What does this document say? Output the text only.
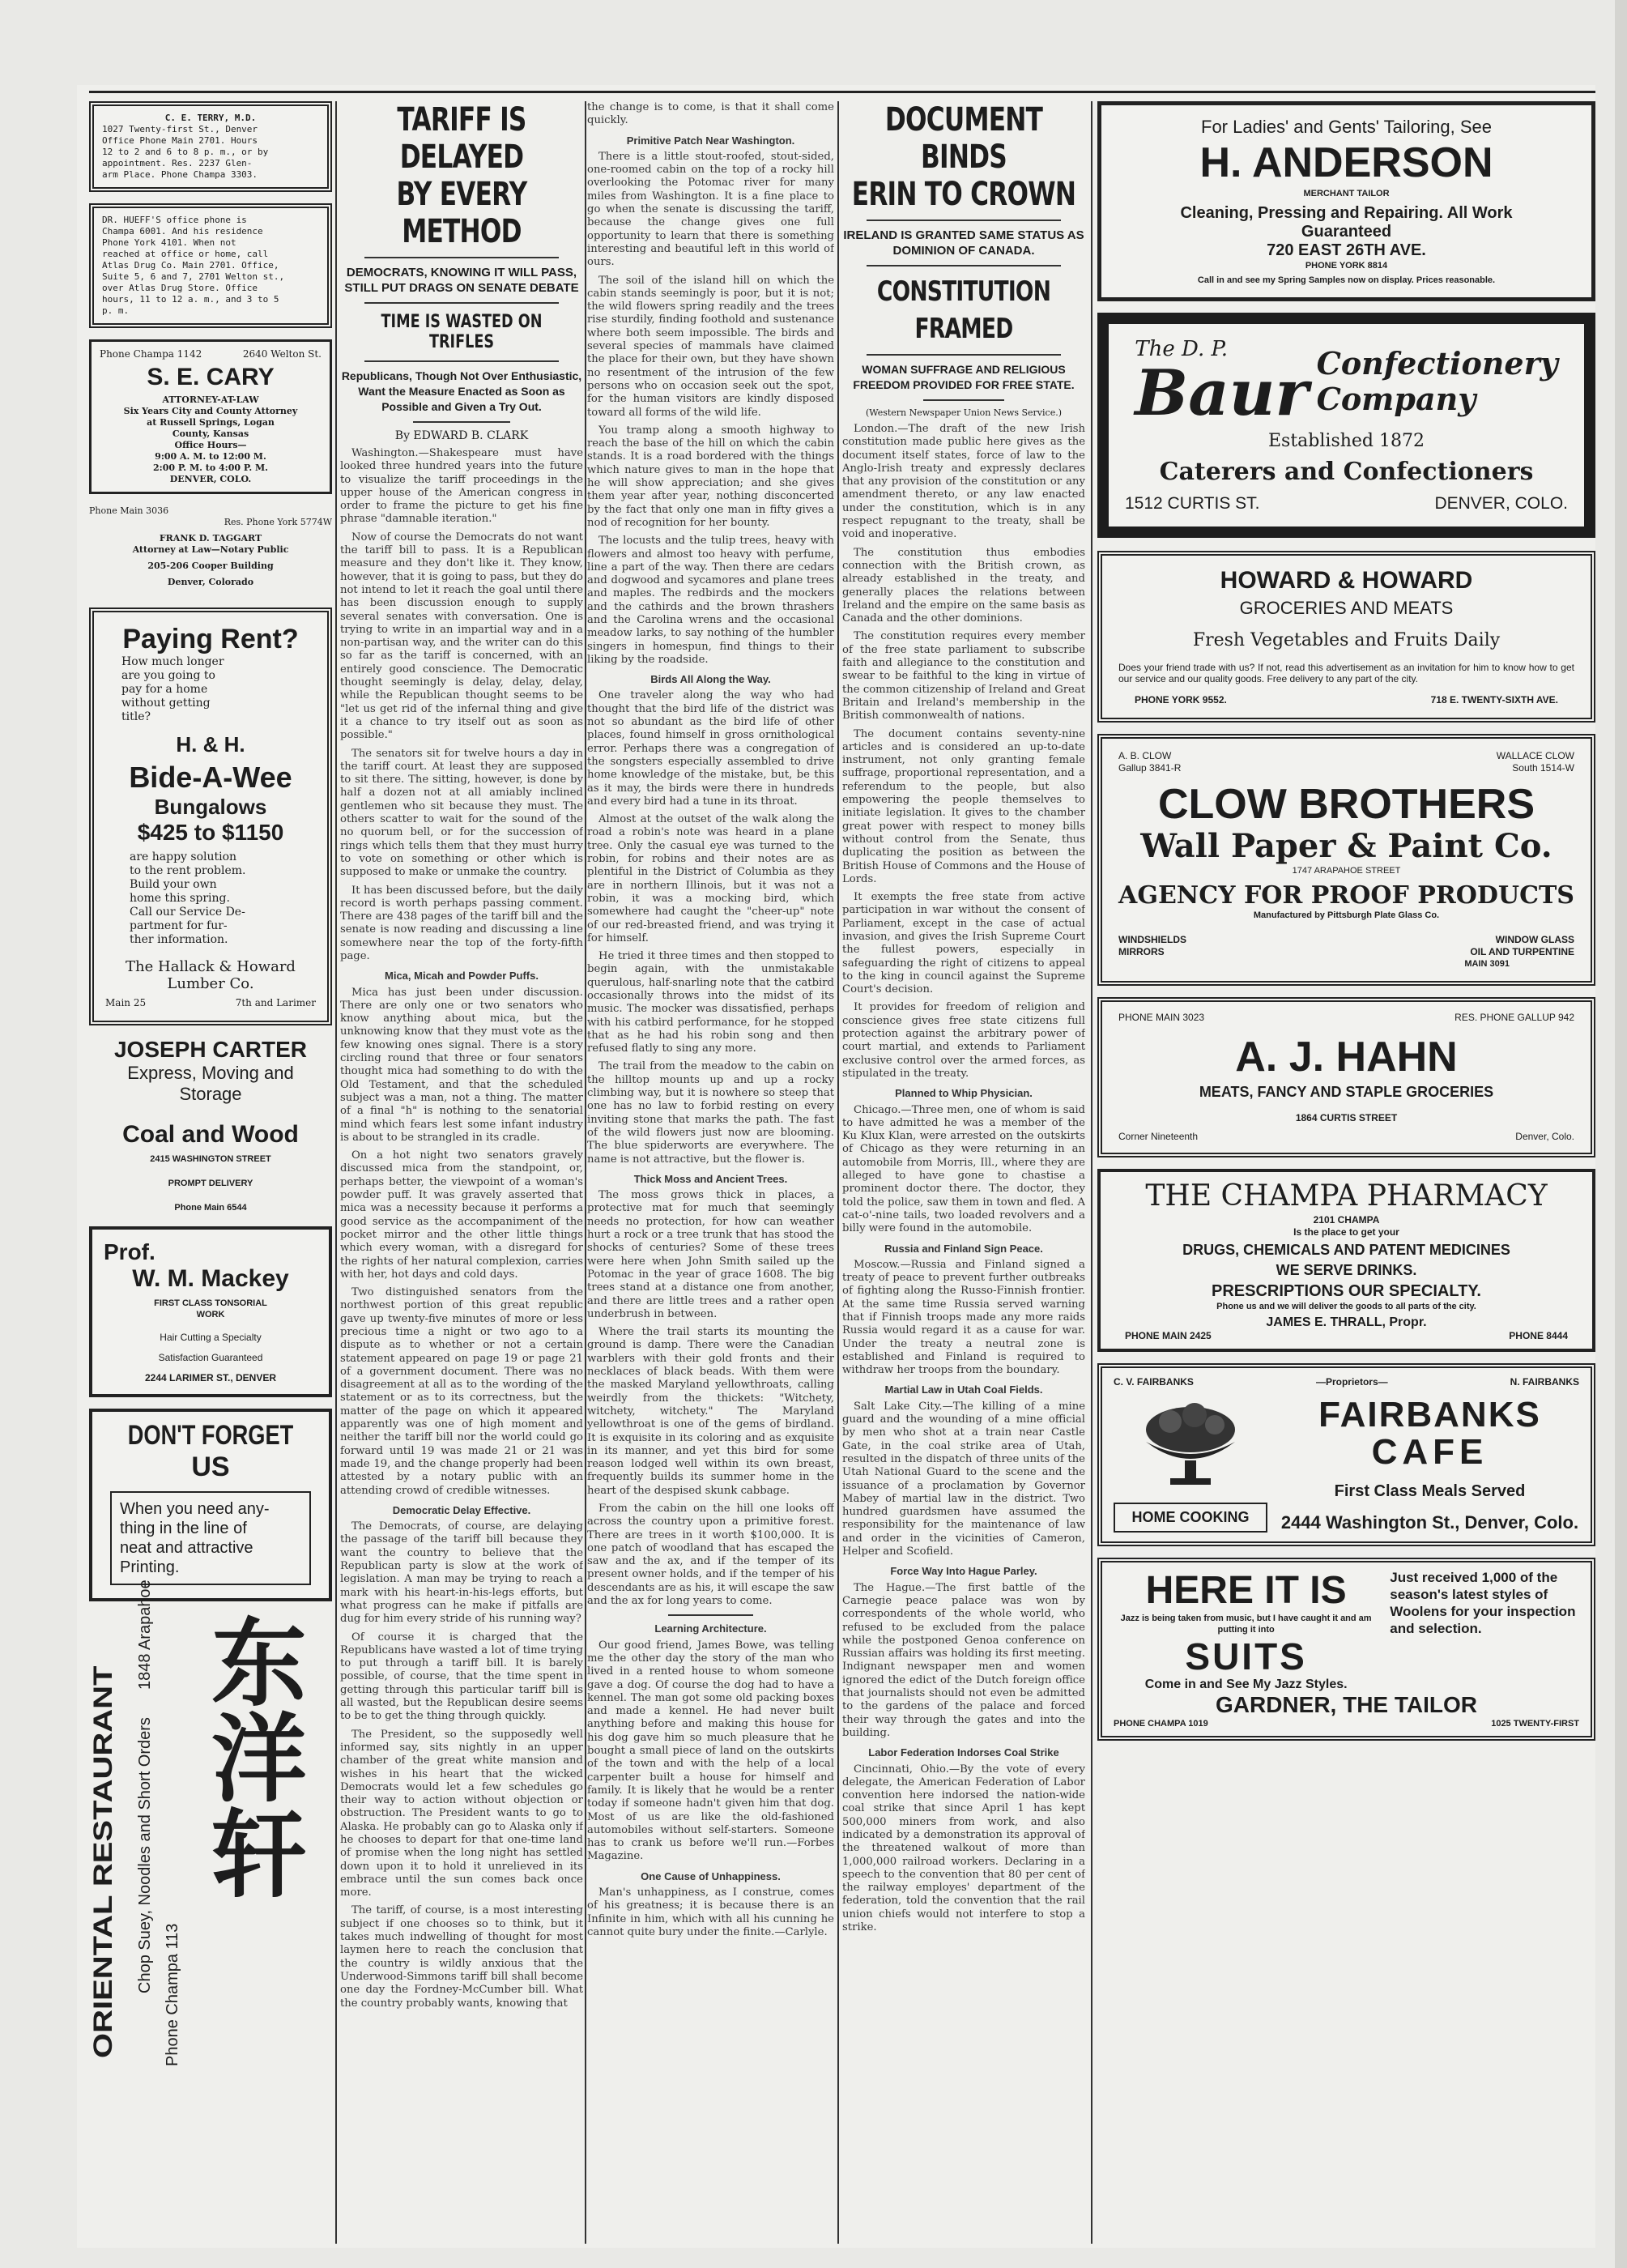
C. E. TERRY, M.D.
1027 Twenty-first St., Denver
Office Phone Main 2701. Hours
12 to 2 and 6 to 8 p. m., or by
appointment. Res. 2237 Glen-
arm Place. Phone Champa 3303.
DR. HUEFF'S office phone is
Champa 6001. And his residence
Phone York 4101. When not
reached at office or home, call
Atlas Drug Co. Main 2701. Office,
Suite 5, 6 and 7, 2701 Welton st.,
over Atlas Drug Store. Office
hours, 11 to 12 a. m., and 3 to 5
p. m.
Phone Champa 1142	2640 Welton St.
S. E. CARY
ATTORNEY-AT-LAW
Six Years City and County Attorney
at Russell Springs, Logan
County, Kansas
Office Hours—
9:00 A. M. to 12:00 M.
2:00 P. M. to 4:00 P. M.
DENVER, COLO.
Phone Main 3036
Res. Phone York 5774W
FRANK D. TAGGART
Attorney at Law—Notary Public
205-206 Cooper Building
Denver, Colorado
Paying Rent?
How much longer
are you going to
pay for a home
without getting
title?
H. & H.
Bide-A-Wee
Bungalows
$425 to $1150
are happy solution
to the rent problem.
Build your own
home this spring.
Call our Service De-
partment for fur-
ther information.
The Hallack & Howard
Lumber Co.
Main 25	7th and Larimer
JOSEPH CARTER
Express, Moving and
Storage
Coal and Wood
2415 WASHINGTON STREET
PROMPT DELIVERY
Phone Main 6544
Prof.
W. M. Mackey
FIRST CLASS TONSORIAL
WORK
Hair Cutting a Specialty
Satisfaction Guaranteed
2244 LARIMER ST., DENVER
DON'T FORGET
US
When you need any-
thing in the line of
neat and attractive
Printing.
ORIENTAL RESTAURANT Chop Suey, Noodles and Short Orders
1848 Arapahoe
Phone Champa 113
东洋轩
TARIFF IS DELAYED
BY EVERY METHOD
DEMOCRATS, KNOWING IT WILL PASS, STILL PUT DRAGS ON SENATE DEBATE
TIME IS WASTED ON TRIFLES
Republicans, Though Not Over Enthusiastic, Want the Measure Enacted as Soon as Possible and Given a Try Out.
By EDWARD B. CLARK

Washington.—Shakespeare must have looked three hundred years into the future to visualize the tariff proceedings in the upper house of the American congress in order to frame the picture to get his fine phrase "damnable iteration."

Now of course the Democrats do not want the tariff bill to pass. It is a Republican measure and they don't like it. They know, however, that it is going to pass, but they do not intend to let it reach the goal until there has been discussion enough to supply several senates with conversation. One is trying to write in an impartial way and in a non-partisan way, and the writer can do this so far as the tariff is concerned, with an entirely good conscience. The Democratic thought seemingly is delay, delay, delay, while the Republican thought seems to be "let us get rid of the infernal thing and give it a chance to try itself out as soon as possible."

The senators sit for twelve hours a day in the tariff court. At least they are supposed to sit there. The sitting, however, is done by half a dozen not at all amiably inclined gentlemen who sit because they must. The others scatter to wait for the sound of the no quorum bell, or for the succession of rings which tells them that they must hurry to vote on something or other which is supposed to make or unmake the country.

It has been discussed before, but the daily record is worth perhaps passing comment. There are 438 pages of the tariff bill and the senate is now reading and discussing a line somewhere near the top of the forty-fifth page.

Mica, Micah and Powder Puffs.

Mica has just been under discussion. There are only one or two senators who know anything about mica, but the unknowing know that they must vote as the few knowing ones signal. There is a story circling round that three or four senators thought mica had something to do with the Old Testament, and that the scheduled subject was a man, not a thing. The matter of a final "h" is nothing to the senatorial mind which fears lest some infant industry is about to be strangled in its cradle.

On a hot night two senators gravely discussed mica from the standpoint, or, perhaps better, the viewpoint of a woman's powder puff. It was gravely asserted that mica was a necessity because it performs a good service as the accompaniment of the pocket mirror and the other little things which every woman, with a disregard for the rights of her natural complexion, carries with her, hot days and cold days.

Two distinguished senators from the northwest portion of this great republic gave up twenty-five minutes of more or less precious time a night or two ago to a dispute as to whether or not a certain statement appeared on page 19 or page 21 of a government document. There was no disagreement at all as to the wording of the statement or as to its correctness, but the matter of the page on which it appeared apparently was one of high moment and neither the tariff bill nor the world could go forward until 19 was made 21 or 21 was made 19, and the change properly had been attested by a notary public with an attending crowd of credible witnesses.

Democratic Delay Effective.

The Democrats, of course, are delaying the passage of the tariff bill because they want the country to believe that the Republican party is slow at the work of legislation. A man may be trying to reach a mark with his heart-in-his-legs efforts, but what progress can he make if pitfalls are dug for him every stride of his running way?

Of course it is charged that the Republicans have wasted a lot of time trying to put through a tariff bill. It is barely possible, of course, that the time spent in getting through this particular tariff bill is all wasted, but the Republican desire seems to be to get the thing through quickly.

The President, so the supposedly well informed say, sits nightly in an upper chamber of the great white mansion and wishes in his heart that the wicked Democrats would let a few schedules go their way to action without objection or obstruction. The President wants to go to Alaska. He probably can go to Alaska only if he chooses to depart for that one-time land of promise when the long night has settled down upon it to hold it unrelieved in its embrace until the sun comes back once more.

The tariff, of course, is a most interesting subject if one chooses so to think, but it takes much indwelling of thought for most laymen here to reach the conclusion that the country is wildly anxious that the Underwood-Simmons tariff bill shall become one day the Fordney-McCumber bill. What the country probably wants, knowing that

the change is to come, is that it shall come quickly.

Primitive Patch Near Washington.

There is a little stout-roofed, stout-sided, one-roomed cabin on the top of a rocky hill overlooking the Potomac river for many miles from Washington. It is a fine place to go when the senate is discussing the tariff, because the change gives one full opportunity to learn that there is something interesting and beautiful left in this world of ours.

The soil of the island hill on which the cabin stands seemingly is poor, but it is not; the wild flowers spring readily and the trees rise sturdily, finding foothold and sustenance where both seem impossible. The birds and several species of mammals have claimed the place for their own, but they have shown no resentment of the intrusion of the few persons who on occasion seek out the spot, for the human visitors are kindly disposed toward all forms of the wild life.

You tramp along a smooth highway to reach the base of the hill on which the cabin stands. It is a road bordered with the things which nature gives to man in the hope that he will show appreciation; and she gives them year after year, nothing disconcerted by the fact that only one man in fifty gives a nod of recognition for her bounty.

The locusts and the tulip trees, heavy with flowers and almost too heavy with perfume, line a part of the way. Then there are cedars and dogwood and sycamores and plane trees and maples. The redbirds and the mockers and the cathirds and the brown thrashers and the Carolina wrens and the occasional meadow larks, to say nothing of the humbler singers in homespun, find things to their liking by the roadside.

Birds All Along the Way.

One traveler along the way who had thought that the bird life of the district was not so abundant as the bird life of other places, found himself in gross ornithological error. Perhaps there was a congregation of the songsters especially assembled to drive home knowledge of the mistake, but, be this as it may, the birds were there in hundreds and every bird had a tune in its throat.

Almost at the outset of the walk along the road a robin's note was heard in a plane tree. Only the casual eye was turned to the robin, for robins and their notes are as plentiful in the District of Columbia as they are in northern Illinois, but it was not a robin, it was a mocking bird, which somewhere had caught the "cheer-up" note of our red-breasted friend, and was trying it for himself.

He tried it three times and then stopped to begin again, with the unmistakable querulous, half-snarling note that the catbird occasionally throws into the midst of its music. The mocker was dissatisfied, perhaps with his catbird performance, for he stopped that as he had his robin song and then refused flatly to sing any more.

The trail from the meadow to the cabin on the hilltop mounts up and up a rocky climbing way, but it is nowhere so steep that one has no law to forbid resting on every inviting stone that marks the path. The fast of the wild flowers just now are blooming. The blue spiderworts are everywhere. The name is not attractive, but the flower is.

Thick Moss and Ancient Trees.

The moss grows thick in places, a protective mat for much that seemingly needs no protection, for how can weather hurt a rock or a tree trunk that has stood the shocks of centuries? Some of these trees were here when John Smith sailed up the Potomac in the year of grace 1608. The big trees stand at a distance one from another, and there are little trees and a rather open underbrush in between.

Where the trail starts its mounting the ground is damp. There were the Canadian warblers with their gold fronts and their necklaces of black beads. With them were the masked Maryland yellowthroats, calling weirdly from the thickets: "Witchety, witchety, witchety." The Maryland yellowthroat is one of the gems of birdland. It is exquisite in its coloring and as exquisite in its manner, and yet this bird for some reason lodged well within its own breast, frequently builds its summer home in the heart of the despised skunk cabbage.

From the cabin on the hill one looks off across the country upon a primitive forest. There are trees in it worth $100,000. It is one patch of woodland that has escaped the saw and the ax, and if the temper of its present owner holds, and if the temper of his descendants are as his, it will escape the saw and the ax for long years to come.

Learning Architecture.

Our good friend, James Bowe, was telling me the other day the story of the man who lived in a rented house to whom someone gave a dog. Of course the dog had to have a kennel. The man got some old packing boxes and made a kennel. He had never built anything before and making this house for his dog gave him so much pleasure that he bought a small piece of land on the outskirts of the town and with the help of a local carpenter built a house for himself and family. It is likely that he would be a renter today if someone hadn't given him that dog. Most of us are like the old-fashioned automobiles without self-starters. Someone has to crank us before we'll run.—Forbes Magazine.

One Cause of Unhappiness.

Man's unhappiness, as I construe, comes of his greatness; it is because there is an Infinite in him, which with all his cunning he cannot quite bury under the finite.—Carlyle.

DOCUMENT BINDS
ERIN TO CROWN
IRELAND IS GRANTED SAME STATUS AS DOMINION OF CANADA.
CONSTITUTION FRAMED
WOMAN SUFFRAGE AND RELIGIOUS FREEDOM PROVIDED FOR FREE STATE.
(Western Newspaper Union News Service.)

London.—The draft of the new Irish constitution made public here gives as the document itself states, force of law to the Anglo-Irish treaty and expressly declares that any provision of the constitution or any amendment thereto, or any law enacted under the constitution, which is in any respect repugnant to the treaty, shall be void and inoperative.

The constitution thus embodies connection with the British crown, as already established in the treaty, and generally places the relations between Ireland and the empire on the same basis as Canada and the other dominions.

The constitution requires every member of the free state parliament to subscribe faith and allegiance to the constitution and swear to be faithful to the king in virtue of the common citizenship of Ireland and Great Britain and Ireland's membership in the British commonwealth of nations.

The document contains seventy-nine articles and is considered an up-to-date instrument, not only granting female suffrage, proportional representation, and a referendum to the people, but also empowering the people themselves to initiate legislation. It gives to the chamber great power with respect to money bills without control from the Senate, thus duplicating the position as between the British House of Commons and the House of Lords.

It exempts the free state from active participation in war without the consent of Parliament, except in the case of actual invasion, and gives the Irish Supreme Court the fullest powers, especially in safeguarding the right of citizens to appeal to the king in council against the Supreme Court's decision.

It provides for freedom of religion and conscience gives free state citizens full protection against the arbitrary power of court martial, and extends to Parliament exclusive control over the armed forces, as stipulated in the treaty.

Planned to Whip Physician.

Chicago.—Three men, one of whom is said to have admitted he was a member of the Ku Klux Klan, were arrested on the outskirts of Chicago as they were returning in an automobile from Morris, Ill., where they are alleged to have gone to chastise a prominent doctor there. The doctor, they told the police, saw them in town and fled. A cat-o'-nine tails, two loaded revolvers and a billy were found in the automobile.

Russia and Finland Sign Peace.

Moscow.—Russia and Finland signed a treaty of peace to prevent further outbreaks of fighting along the Russo-Finnish frontier. At the same time Russia served warning that if Finnish troops made any more raids Russia would regard it as a cause for war. Under the treaty a neutral zone is established and Finland is required to withdraw her troops from the boundary.

Martial Law in Utah Coal Fields.

Salt Lake City.—The killing of a mine guard and the wounding of a mine official by men who shot at a train near Castle Gate, in the coal strike area of Utah, resulted in the dispatch of three units of the Utah National Guard to the scene and the issuance of a proclamation by Governor Mabey of martial law in the district. Two hundred guardsmen have assumed the responsibility for the maintenance of law and order in the vicinities of Cameron, Helper and Scofield.

Force Way Into Hague Parley.

The Hague.—The first battle of the Carnegie peace palace was won by correspondents of the whole world, who refused to be excluded from the palace while the postponed Genoa conference on Russian affairs was holding its first meeting. Indignant newspaper men and women ignored the edict of the Dutch foreign office that journalists should not even be admitted to the gardens of the palace and forced their way through the gates and into the building.

Labor Federation Indorses Coal Strike

Cincinnati, Ohio.—By the vote of every delegate, the American Federation of Labor convention here indorsed the nation-wide coal strike that since April 1 has kept 500,000 miners from work, and also indicated by a demonstration its approval of the threatened walkout of more than 1,000,000 railroad workers. Declaring in a speech to the convention that 80 per cent of the railway employes' department of the federation, told the convention that the rail union chiefs would not interfere to stop a strike.

For Ladies' and Gents' Tailoring, See
H. ANDERSON
MERCHANT TAILOR
Cleaning, Pressing and Repairing. All Work
Guaranteed
720 EAST 26TH AVE.
PHONE YORK 8814
Call in and see my Spring Samples now on display. Prices reasonable.
The D. P.
Baur Confectionery
Company
Established 1872
Caterers and Confectioners
1512 CURTIS ST.	DENVER, COLO.
HOWARD & HOWARD
GROCERIES AND MEATS
Fresh Vegetables and Fruits Daily
Does your friend trade with us? If not, read this advertisement as an invitation for him to know how to get our service and our quality goods. Free delivery to any part of the city.
PHONE YORK 9552.	718 E. TWENTY-SIXTH AVE.
A. B. CLOW
Gallup 3841-R
WALLACE CLOW
South 1514-W
CLOW BROTHERS
Wall Paper & Paint Co.
1747 ARAPAHOE STREET
AGENCY FOR PROOF PRODUCTS
Manufactured by Pittsburgh Plate Glass Co.
WINDSHIELDS
MIRRORS
WINDOW GLASS
OIL AND TURPENTINE
MAIN 3091
PHONE MAIN 3023	RES. PHONE GALLUP 942
A. J. HAHN
MEATS, FANCY AND STAPLE GROCERIES
1864 CURTIS STREET
Corner Nineteenth	Denver, Colo.
THE CHAMPA PHARMACY
2101 CHAMPA
Is the place to get your
DRUGS, CHEMICALS AND PATENT MEDICINES
WE SERVE DRINKS.
PRESCRIPTIONS OUR SPECIALTY.
Phone us and we will deliver the goods to all parts of the city.
JAMES E. THRALL, Propr.
PHONE MAIN 2425	PHONE 8444
C. V. FAIRBANKS	—Proprietors—	N. FAIRBANKS
HOME COOKING
FAIRBANKS
CAFE
First Class Meals Served
2444 Washington St., Denver, Colo.
HERE IT IS
Jazz is being taken from music, but I have caught it and am putting it into
SUITS
Come in and See My Jazz Styles.
Just received 1,000 of the season's latest styles of Woolens for your inspection and selection.
GARDNER, THE TAILOR
PHONE CHAMPA 1019	1025 TWENTY-FIRST
